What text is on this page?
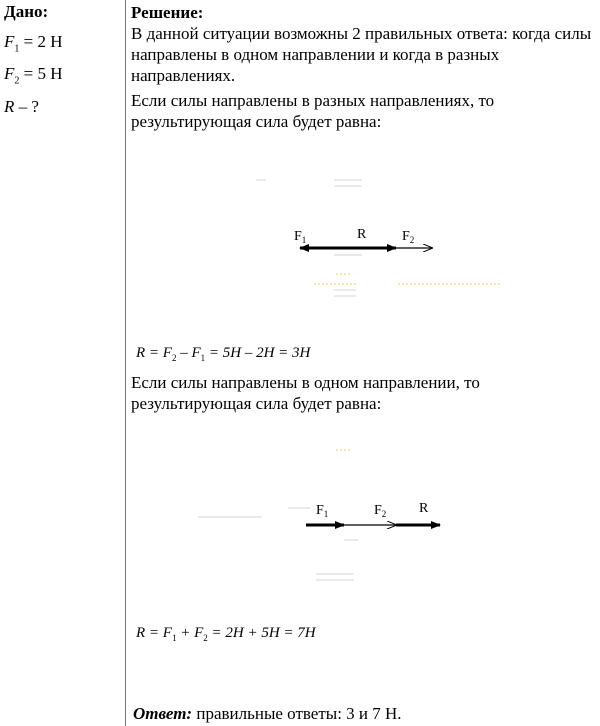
Дано:
$F_1 = 2$ Н
$F_2 = 5$ Н
R – ?
Решение:

В данной ситуации возможны 2 правильных ответа: когда силы направлены в одном направлении и когда в разных направлениях.

Если силы направлены в разных направлениях, то результирующая сила будет равна:

$F_1$	R	$F_2$
$F_1$	$F_2$ R
$R = F_2 - F_1 = 5H - 2H = 3H$

Если силы направлены в одном направлении, то результирующая сила будет равна:

$R = F_1 + F_2 = 2H + 5H = 7H$
Ответ: правильные ответы: 3 и 7 Н.
